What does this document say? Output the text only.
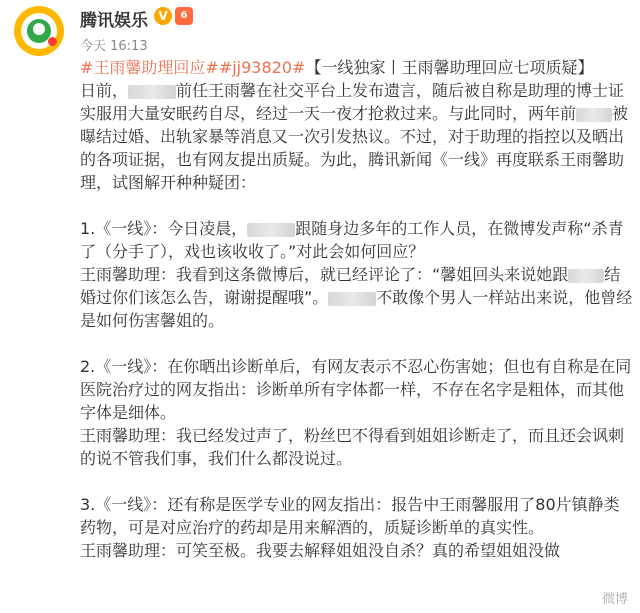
腾讯娱乐 V	6
今天 16:13

#王雨馨助理回应##jj93820#【一线独家丨王雨馨助理回应七项质疑】

日前，	前任王雨馨在社交平台上发布遗言，随后被自称是助理的博士证实服用大量安眠药自尽，经过一天一夜才抢救过来。与此同时，两年前 被曝结过婚、出轨家暴等消息又一次引发热议。不过，对于助理的指控以及晒出的各项证据，也有网友提出质疑。为此，腾讯新闻《一线》再度联系王雨馨助理，试图解开种种疑团：

1.《一线》：今日凌晨，	跟随身边多年的工作人员，在微博发声称“杀青了（分手了），戏也该收收了。”对此会如何回应？

王雨馨助理：我看到这条微博后，就已经评论了：“馨姐回头来说她跟 结婚过你们该怎么告，谢谢提醒哦”。	不敢像个男人一样站出来说，他曾经是如何伤害馨姐的。

2.《一线》：在你晒出诊断单后，有网友表示不忍心伤害她；但也有自称是在同医院治疗过的网友指出：诊断单所有字体都一样，不存在名字是粗体，而其他字体是细体。

王雨馨助理：我已经发过声了，粉丝巴不得看到姐姐诊断走了，而且还会讽刺的说不管我们事，我们什么都没说过。

3.《一线》：还有称是医学专业的网友指出：报告中王雨馨服用了80片镇静类药物，可是对应治疗的药却是用来解酒的，质疑诊断单的真实性。

王雨馨助理：可笑至极。我要去解释姐姐没自杀？真的希望姐姐没做

微博
